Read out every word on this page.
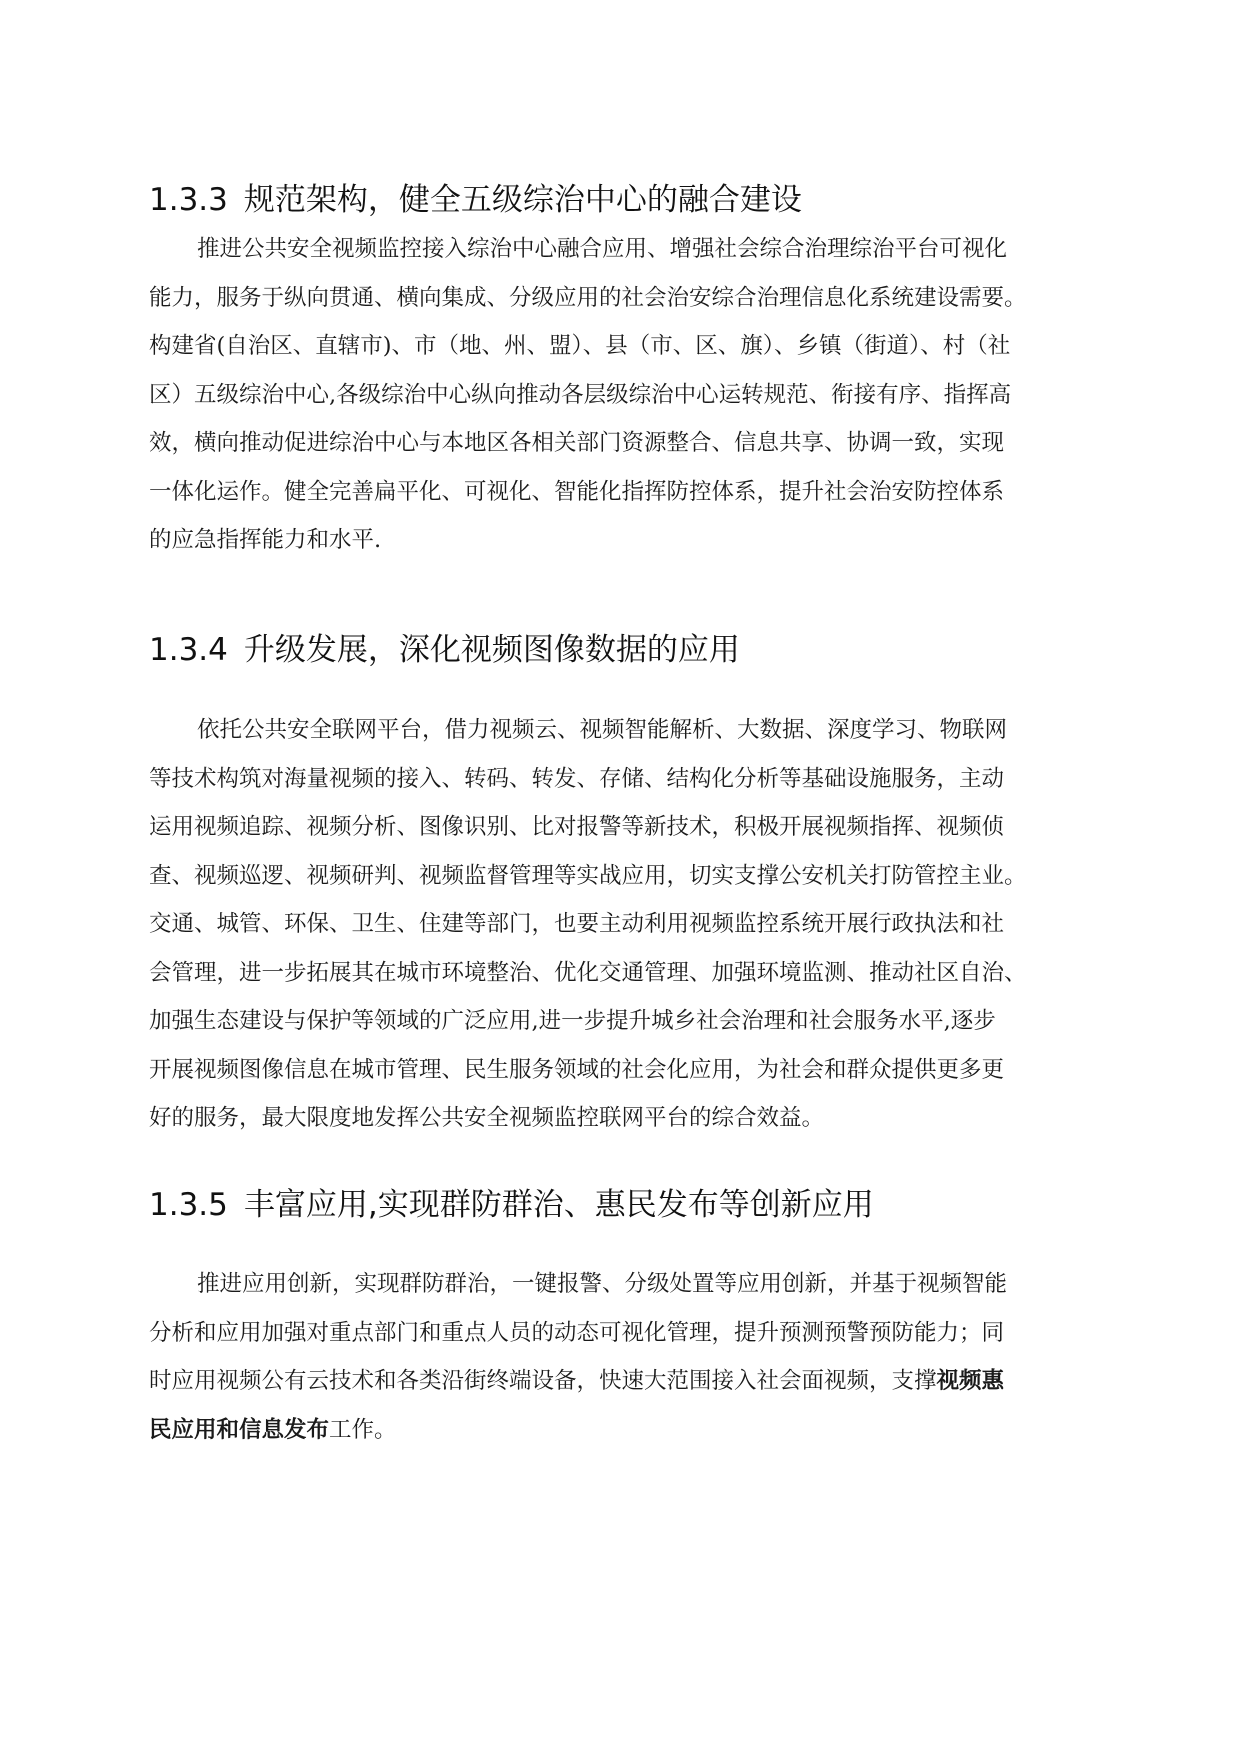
1.3.3 规范架构，健全五级综治中心的融合建设
推进公共安全视频监控接入综治中心融合应用、增强社会综合治理综治平台可视化
能力，服务于纵向贯通、横向集成、分级应用的社会治安综合治理信息化系统建设需要。
构建省(自治区、直辖市)、市（地、州、盟）、县（市、区、旗）、乡镇（街道）、村（社
区）五级综治中心,各级综治中心纵向推动各层级综治中心运转规范、衔接有序、指挥高
效，横向推动促进综治中心与本地区各相关部门资源整合、信息共享、协调一致，实现
一体化运作。健全完善扁平化、可视化、智能化指挥防控体系，提升社会治安防控体系
的应急指挥能力和水平.
1.3.4 升级发展，深化视频图像数据的应用
依托公共安全联网平台，借力视频云、视频智能解析、大数据、深度学习、物联网
等技术构筑对海量视频的接入、转码、转发、存储、结构化分析等基础设施服务，主动
运用视频追踪、视频分析、图像识别、比对报警等新技术，积极开展视频指挥、视频侦
查、视频巡逻、视频研判、视频监督管理等实战应用，切实支撑公安机关打防管控主业。
交通、城管、环保、卫生、住建等部门，也要主动利用视频监控系统开展行政执法和社
会管理，进一步拓展其在城市环境整治、优化交通管理、加强环境监测、推动社区自治、
加强生态建设与保护等领域的广泛应用,进一步提升城乡社会治理和社会服务水平,逐步
开展视频图像信息在城市管理、民生服务领域的社会化应用，为社会和群众提供更多更
好的服务，最大限度地发挥公共安全视频监控联网平台的综合效益。
1.3.5 丰富应用,实现群防群治、惠民发布等创新应用
推进应用创新，实现群防群治，一键报警、分级处置等应用创新，并基于视频智能
分析和应用加强对重点部门和重点人员的动态可视化管理，提升预测预警预防能力；同
时应用视频公有云技术和各类沿街终端设备，快速大范围接入社会面视频，支撑视频惠
民应用和信息发布工作。
